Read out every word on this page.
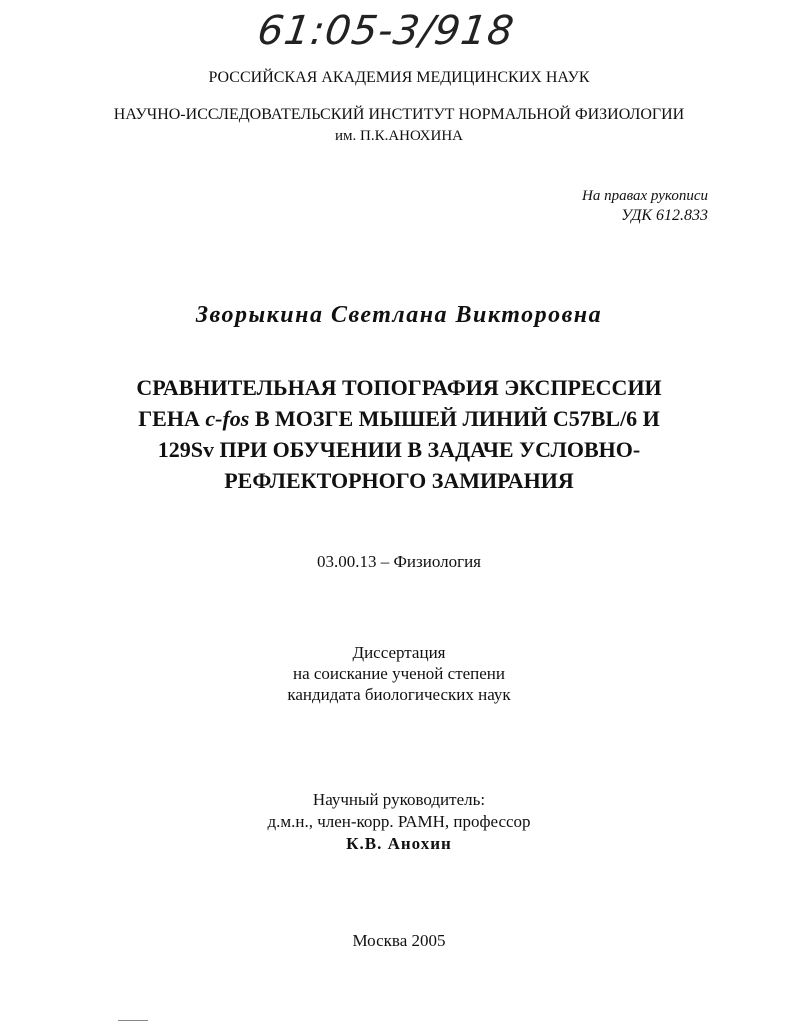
61:05-3/918
РОССИЙСКАЯ АКАДЕМИЯ МЕДИЦИНСКИХ НАУК
НАУЧНО-ИССЛЕДОВАТЕЛЬСКИЙ ИНСТИТУТ НОРМАЛЬНОЙ ФИЗИОЛОГИИ
им. П.К.АНОХИНА
На правах рукописи
УДК 612.833
Зворыкина Светлана Викторовна
СРАВНИТЕЛЬНАЯ ТОПОГРАФИЯ ЭКСПРЕССИИ
ГЕНА c-fos В МОЗГЕ МЫШЕЙ ЛИНИЙ C57BL/6 И
129Sv ПРИ ОБУЧЕНИИ В ЗАДАЧЕ УСЛОВНО-
РЕФЛЕКТОРНОГО ЗАМИРАНИЯ
03.00.13 – Физиология
Диссертация
на соискание ученой степени
кандидата биологических наук
Научный руководитель:
д.м.н., член-корр. РАМН, профессор
К.В. Анохин
Москва 2005
